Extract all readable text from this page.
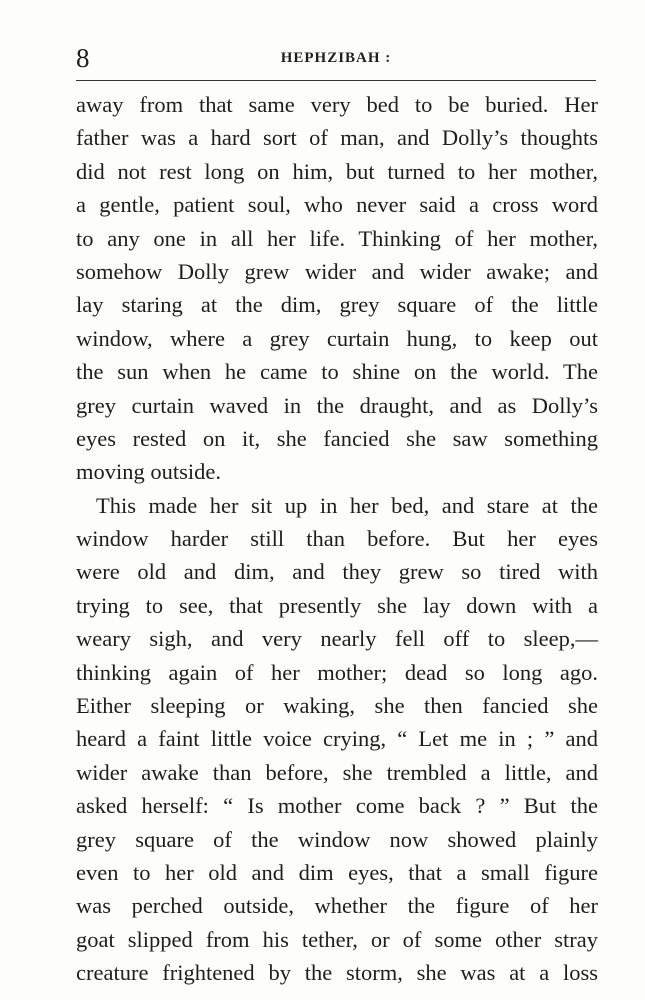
8	HEPHZIBAH :
away from that same very bed to be buried. Her
father was a hard sort of man, and Dolly’s thoughts
did not rest long on him, but turned to her mother,
a gentle, patient soul, who never said a cross word
to any one in all her life. Thinking of her mother,
somehow Dolly grew wider and wider awake; and
lay staring at the dim, grey square of the little
window, where a grey curtain hung, to keep out
the sun when he came to shine on the world. The
grey curtain waved in the draught, and as Dolly’s
eyes rested on it, she fancied she saw something
moving outside.
This made her sit up in her bed, and stare at the
window harder still than before. But her eyes
were old and dim, and they grew so tired with
trying to see, that presently she lay down with a
weary sigh, and very nearly fell off to sleep,—
thinking again of her mother; dead so long ago.
Either sleeping or waking, she then fancied she
heard a faint little voice crying, “ Let me in ; ” and
wider awake than before, she trembled a little, and
asked herself: “ Is mother come back ? ” But the
grey square of the window now showed plainly
even to her old and dim eyes, that a small figure
was perched outside, whether the figure of her
goat slipped from his tether, or of some other stray
creature frightened by the storm, she was at a loss
